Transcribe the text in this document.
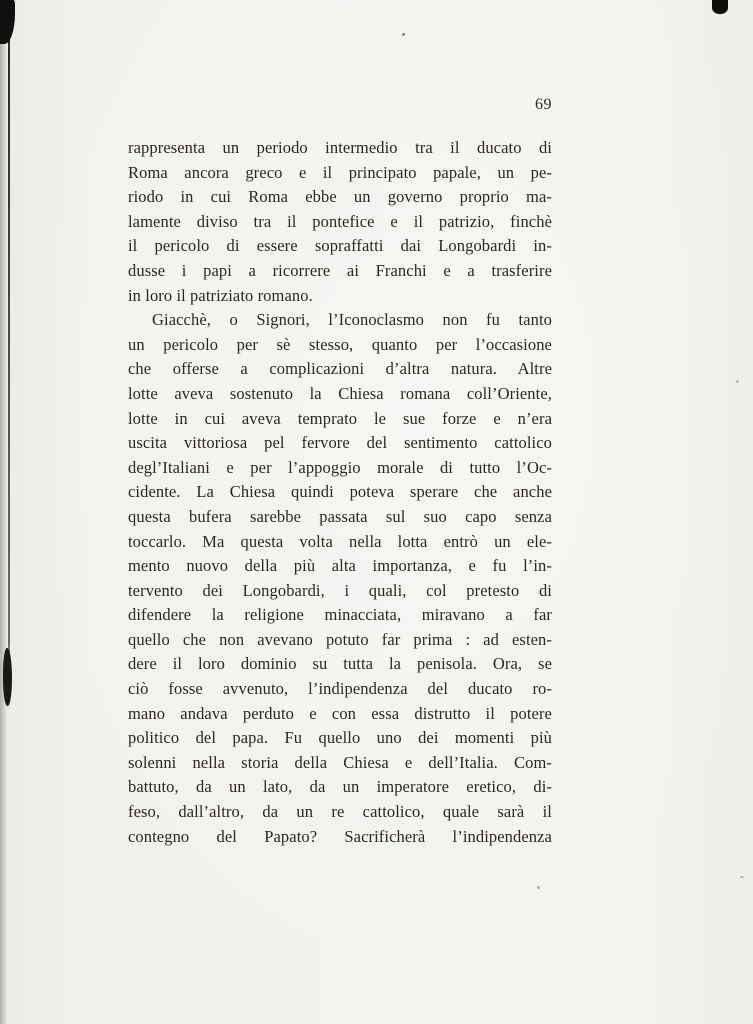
69
rappresenta un periodo intermedio tra il ducato di
Roma ancora greco e il principato papale, un pe-
riodo in cui Roma ebbe un governo proprio ma-
lamente diviso tra il pontefice e il patrizio, finchè
il pericolo di essere sopraffatti dai Longobardi in-
dusse i papi a ricorrere ai Franchi e a trasferire
in loro il patriziato romano.
Giacchè, o Signori, l’Iconoclasmo non fu tanto
un pericolo per sè stesso, quanto per l’occasione
che offerse a complicazioni d’altra natura. Altre
lotte aveva sostenuto la Chiesa romana coll’Oriente,
lotte in cui aveva temprato le sue forze e n’era
uscita vittoriosa pel fervore del sentimento cattolico
degl’Italiani e per l’appoggio morale di tutto l’Oc-
cidente. La Chiesa quindi poteva sperare che anche
questa bufera sarebbe passata sul suo capo senza
toccarlo. Ma questa volta nella lotta entrò un ele-
mento nuovo della più alta importanza, e fu l’in-
tervento dei Longobardi, i quali, col pretesto di
difendere la religione minacciata, miravano a far
quello che non avevano potuto far prima : ad esten-
dere il loro dominio su tutta la penisola. Ora, se
ciò fosse avvenuto, l’indipendenza del ducato ro-
mano andava perduto e con essa distrutto il potere
politico del papa. Fu quello uno dei momenti più
solenni nella storia della Chiesa e dell’Italia. Com-
battuto, da un lato, da un imperatore eretico, di-
feso, dall’altro, da un re cattolico, quale sarà il
contegno del Papato? Sacrificherà l’indipendenza
